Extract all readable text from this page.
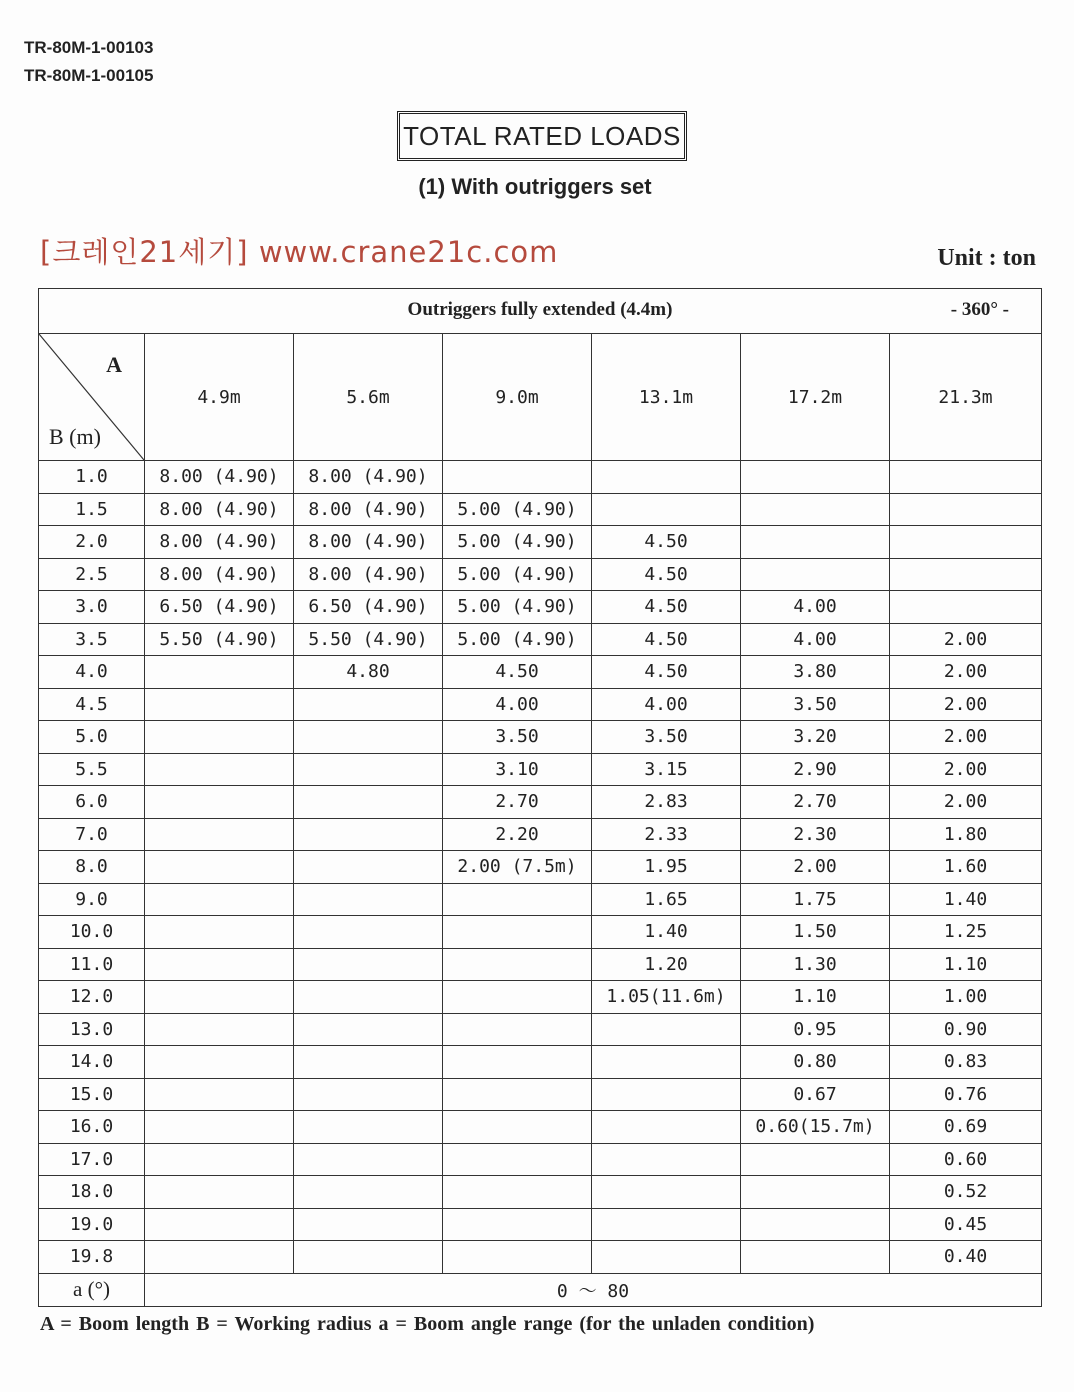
TR-80M-1-00103
TR-80M-1-00105
TOTAL RATED LOADS
(1) With outriggers set
[크레인21세기] www.crane21c.com	Unit : ton
Outriggers fully extended (4.4m) - 360° -						

A
B (m)	4.9m	5.6m	9.0m	13.1m	17.2m	21.3m
1.0	8.00 (4.90)	8.00 (4.90)				
1.5	8.00 (4.90)	8.00 (4.90)	5.00 (4.90)			
2.0	8.00 (4.90)	8.00 (4.90)	5.00 (4.90)	4.50		
2.5	8.00 (4.90)	8.00 (4.90)	5.00 (4.90)	4.50		
3.0	6.50 (4.90)	6.50 (4.90)	5.00 (4.90)	4.50	4.00	
3.5	5.50 (4.90)	5.50 (4.90)	5.00 (4.90)	4.50	4.00	2.00
4.0		4.80	4.50	4.50	3.80	2.00
4.5			4.00	4.00	3.50	2.00
5.0			3.50	3.50	3.20	2.00
5.5			3.10	3.15	2.90	2.00
6.0			2.70	2.83	2.70	2.00
7.0			2.20	2.33	2.30	1.80
8.0			2.00 (7.5m)	1.95	2.00	1.60
9.0				1.65	1.75	1.40
10.0				1.40	1.50	1.25
11.0				1.20	1.30	1.10
12.0				1.05(11.6m)	1.10	1.00
13.0					0.95	0.90
14.0					0.80	0.83
15.0					0.67	0.76
16.0					0.60(15.7m)	0.69
17.0						0.60
18.0						0.52
19.0						0.45
19.8						0.40
a (°)	0 ～ 80					
A = Boom length B = Working radius a = Boom angle range (for the unladen condition)
